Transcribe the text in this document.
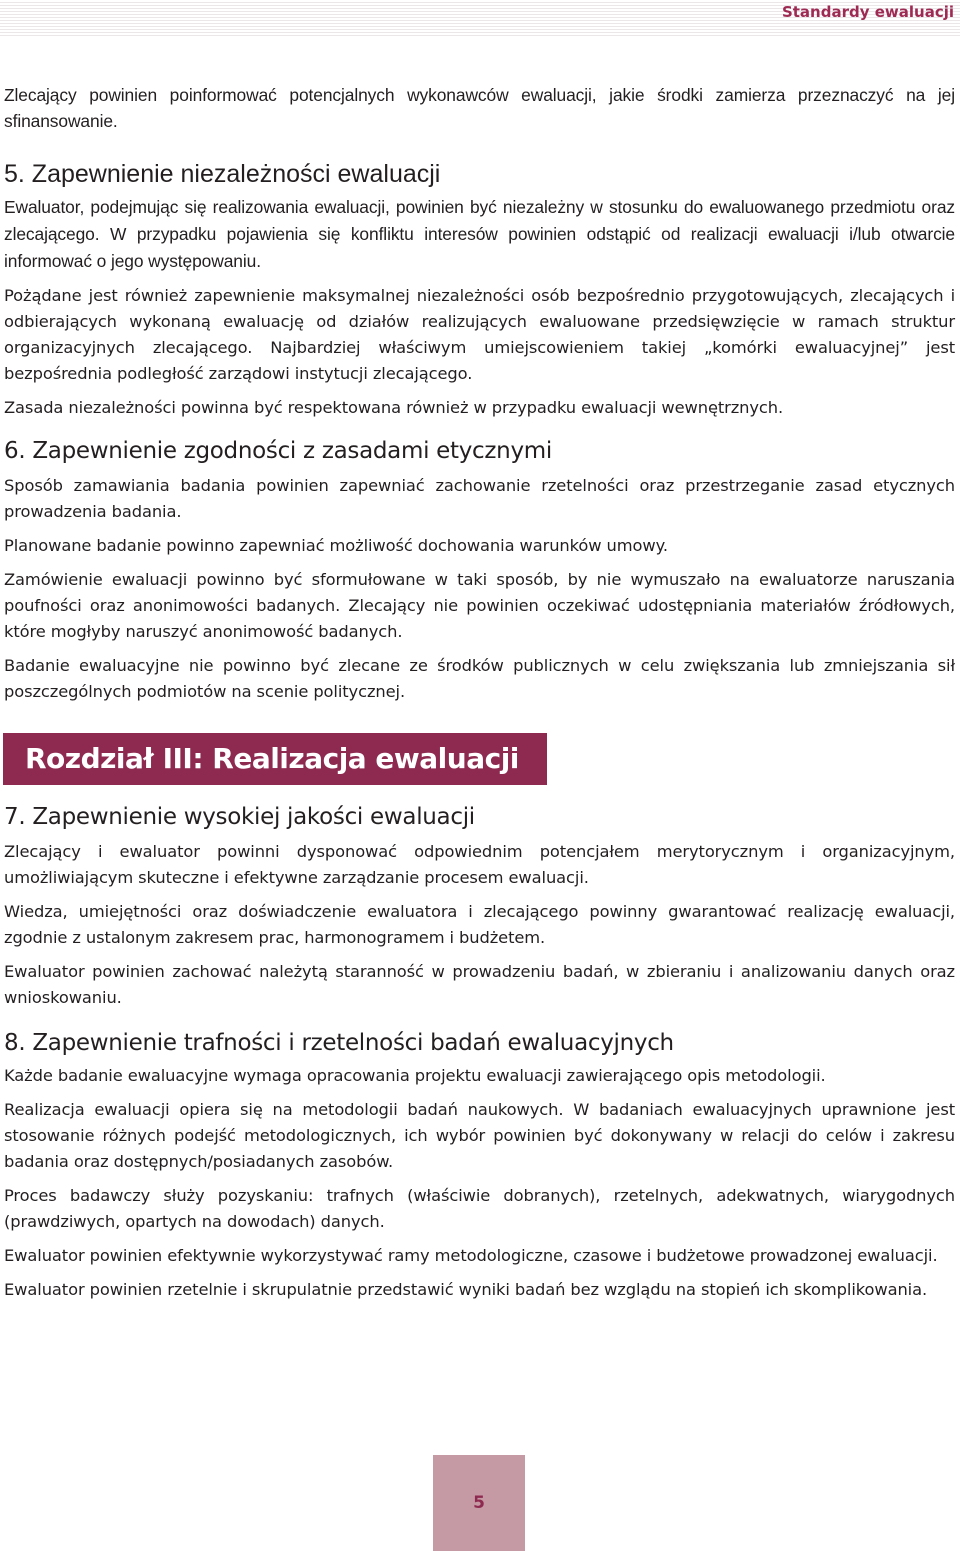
Standardy ewaluacji

Zlecający powinien poinformować potencjalnych wykonawców ewaluacji, jakie środki zamierza przeznaczyć na jej sfinansowanie.

5. Zapewnienie niezależności ewaluacji

Ewaluator, podejmując się realizowania ewaluacji, powinien być niezależny w stosunku do ewaluowanego przedmiotu oraz zlecającego. W przypadku pojawienia się konfliktu interesów powinien odstąpić od realizacji ewaluacji i/lub otwarcie informować o jego występowaniu.

Pożądane jest również zapewnienie maksymalnej niezależności osób bezpośrednio przygotowujących, zlecających i odbierających wykonaną ewaluację od działów realizujących ewaluowane przedsięwzięcie w ramach struktur organizacyjnych zlecającego. Najbardziej właściwym umiejscowieniem takiej „komórki ewaluacyjnej” jest bezpośrednia podległość zarządowi instytucji zlecającego.

Zasada niezależności powinna być respektowana również w przypadku ewaluacji wewnętrznych.

6. Zapewnienie zgodności z zasadami etycznymi

Sposób zamawiania badania powinien zapewniać zachowanie rzetelności oraz przestrzeganie zasad etycznych prowadzenia badania.

Planowane badanie powinno zapewniać możliwość dochowania warunków umowy.

Zamówienie ewaluacji powinno być sformułowane w taki sposób, by nie wymuszało na ewaluatorze naruszania poufności oraz anonimowości badanych. Zlecający nie powinien oczekiwać udostępniania materiałów źródłowych, które mogłyby naruszyć anonimowość badanych.

Badanie ewaluacyjne nie powinno być zlecane ze środków publicznych w celu zwiększania lub zmniejszania sił poszczególnych podmiotów na scenie politycznej.

Rozdział III: Realizacja ewaluacji
7. Zapewnienie wysokiej jakości ewaluacji

Zlecający i ewaluator powinni dysponować odpowiednim potencjałem merytorycznym i organizacyjnym, umożliwiającym skuteczne i efektywne zarządzanie procesem ewaluacji.

Wiedza, umiejętności oraz doświadczenie ewaluatora i zlecającego powinny gwarantować realizację ewaluacji, zgodnie z ustalonym zakresem prac, harmonogramem i budżetem.

Ewaluator powinien zachować należytą staranność w prowadzeniu badań, w zbieraniu i analizowaniu danych oraz wnioskowaniu.

8. Zapewnienie trafności i rzetelności badań ewaluacyjnych

Każde badanie ewaluacyjne wymaga opracowania projektu ewaluacji zawierającego opis metodologii.

Realizacja ewaluacji opiera się na metodologii badań naukowych. W badaniach ewaluacyjnych uprawnione jest stosowanie różnych podejść metodologicznych, ich wybór powinien być dokonywany w relacji do celów i zakresu badania oraz dostępnych/posiadanych zasobów.

Proces badawczy służy pozyskaniu: trafnych (właściwie dobranych), rzetelnych, adekwatnych, wiarygodnych (prawdziwych, opartych na dowodach) danych.

Ewaluator powinien efektywnie wykorzystywać ramy metodologiczne, czasowe i budżetowe prowadzonej ewaluacji.

Ewaluator powinien rzetelnie i skrupulatnie przedstawić wyniki badań bez wzglądu na stopień ich skomplikowania.

5
